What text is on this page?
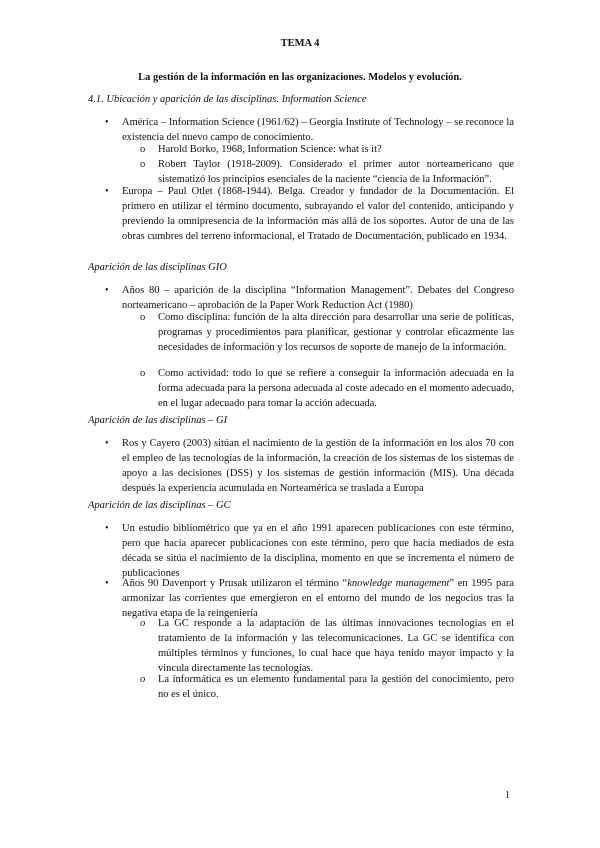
TEMA 4
La gestión de la información en las organizaciones. Modelos y evolución.
4.1. Ubicación y aparición de las disciplinas. Information Science
• América – Information Science (1961/62) – Georgia Institute of Technology – se reconoce la existencia del nuevo campo de conocimiento.
o Harold Borko, 1968, Information Science: what is it?
o Robert Taylor (1918-2009). Considerado el primer autor norteamericano que sistematizó los principios esenciales de la naciente “ciencia de la Información”.
• Europa – Paul Otlet (1868-1944). Belga. Creador y fundador de la Documentación. El primero en utilizar el término documento, subrayando el valor del contenido, anticipando y previendo la omnipresencia de la información más allá de los soportes. Autor de una de las obras cumbres del terreno informacional, el Tratado de Documentación, publicado en 1934.
Aparición de las disciplinas GIO
• Años 80 – aparición de la disciplina “Information Management”. Debates del Congreso norteamericano – aprobación de la Paper Work Reduction Act (1980)
o Como disciplina: función de la alta dirección para desarrollar una serie de políticas, programas y procedimientos para planificar, gestionar y controlar eficazmente las necesidades de información y los recursos de soporte de manejo de la información.
o Como actividad: todo lo que se refiere a conseguir la información adecuada en la forma adecuada para la persona adecuada al coste adecado en el momento adecuado, en el lugar adecuado para tomar la acción adecuada.
Aparición de las disciplinas – GI
• Ros y Cayero (2003) sitúan el nacimiento de la gestión de la información en los alos 70 con el empleo de las tecnologías de la información, la creación de los sistemas de los sistemas de apoyo a las decisiones (DSS) y los sistemas de gestión información (MIS). Una década después la experiencia acumulada en Norteamérica se traslada a Europa
Aparición de las disciplinas – GC
• Un estudio bibliométrico que ya en el año 1991 aparecen publicaciones con este término, pero que hacía aparecer publicaciones con este término, pero que hacia mediados de esta década se sitúa el nacimiento de la disciplina, momento en que se incrementa el número de publicaciones
• Años 90 Davenport y Prusak utilizaron el término “knowledge management” en 1995 para armonizar las corrientes que emergieron en el entorno del mundo de los negocios tras la negativa etapa de la reingeniería
o La GC responde a la adaptación de las últimas innovaciones tecnologías en el tratamiento de la información y las telecomunicaciones. La GC se identifica con múltiples términos y funciones, lo cual hace que haya tenido mayor impacto y la vincula directamente las tecnologías.
o La informática es un elemento fundamental para la gestión del conocimiento, pero no es el único.
1
